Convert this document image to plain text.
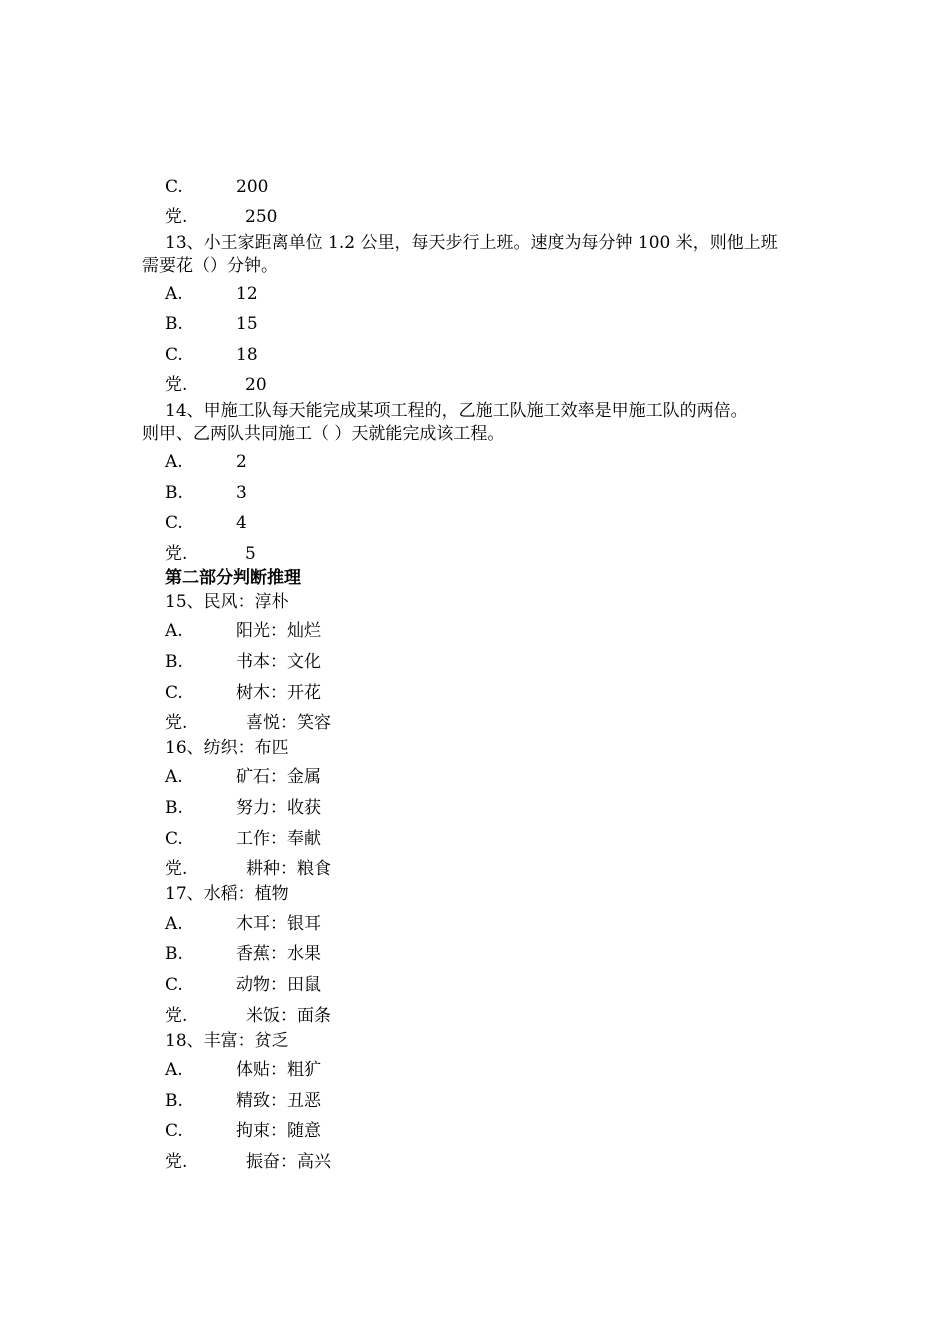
C.	200
党.	250
13、小王家距离单位 1.2 公里，每天步行上班。速度为每分钟 100 米，则他上班
需要花（）分钟。
A.	12
B.	15
C.	18
党.	20
14、甲施工队每天能完成某项工程的，乙施工队施工效率是甲施工队的两倍。
则甲、乙两队共同施工（ ）天就能完成该工程。
A.	2
B.	3
C.	4
党.	5
第二部分判断推理
15、民风：淳朴
A.	阳光：灿烂
B.	书本：文化
C.	树木：开花
党.	喜悦：笑容
16、纺织：布匹
A.	矿石：金属
B.	努力：收获
C.	工作：奉献
党.	耕种：粮食
17、水稻：植物
A.	木耳：银耳
B.	香蕉：水果
C.	动物：田鼠
党.	米饭：面条
18、丰富：贫乏
A.	体贴：粗犷
B.	精致：丑恶
C.	拘束：随意
党.	振奋：高兴
